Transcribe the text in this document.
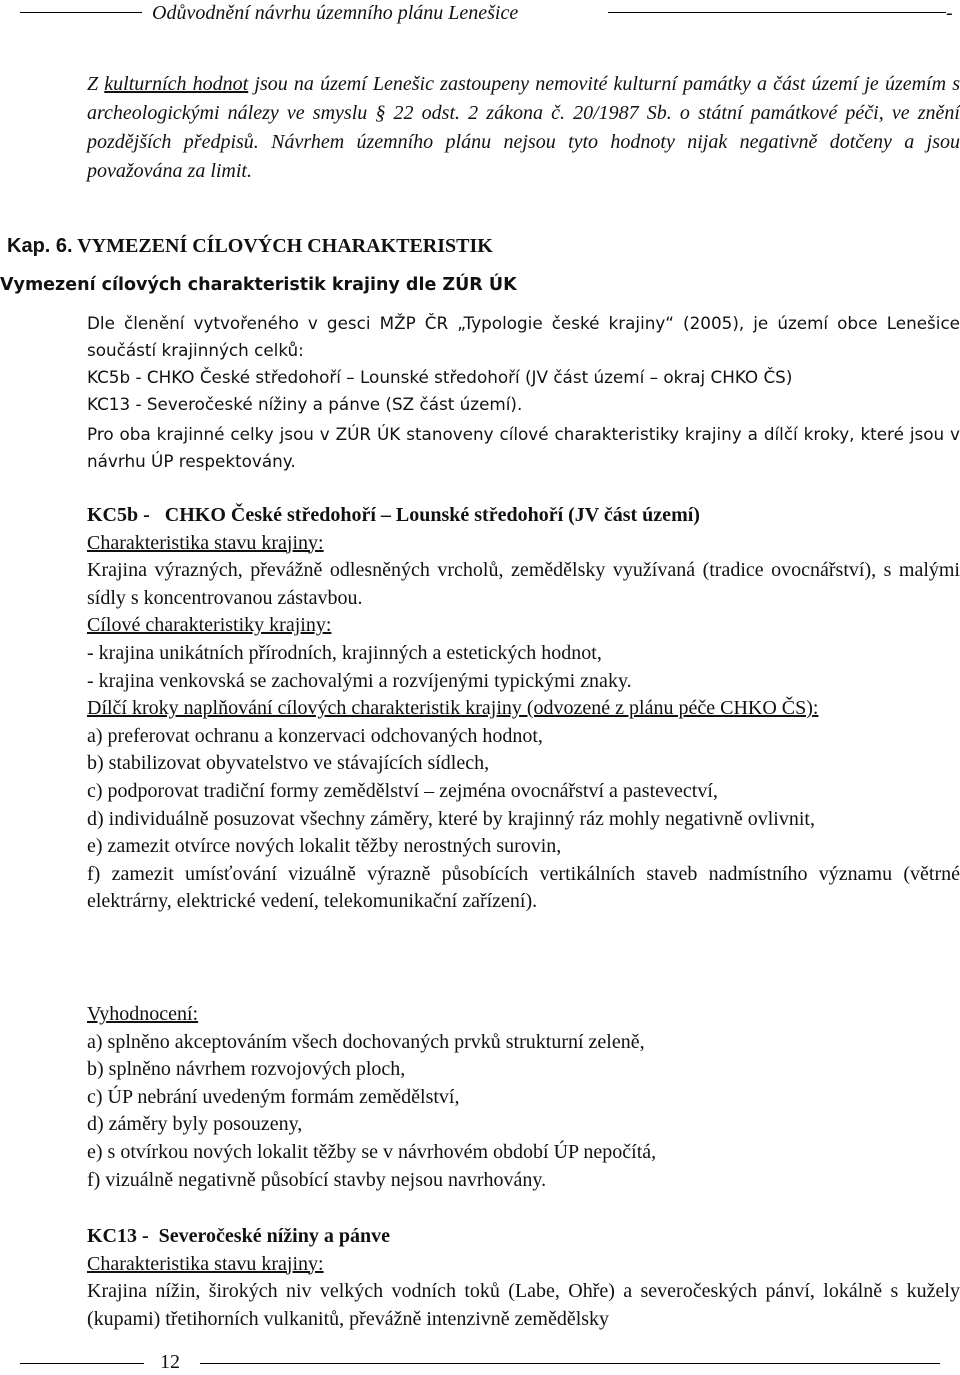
Odůvodnění návrhu územního plánu Lenešice	-

Z kulturních hodnot jsou na území Lenešic zastoupeny nemovité kulturní památky a část území je územím s archeologickými nálezy ve smyslu § 22 odst. 2 zákona č. 20/1987 Sb. o státní památkové péči, ve znění pozdějších předpisů. Návrhem územního plánu nejsou tyto hodnoty nijak negativně dotčeny a jsou považována za limit.

Kap. 6. VYMEZENÍ CÍLOVÝCH CHARAKTERISTIK
Vymezení cílových charakteristik krajiny dle ZÚR ÚK
Dle členění vytvořeného v gesci MŽP ČR „Typologie české krajiny“ (2005), je území obce Lenešice součástí krajinných celků:
KC5b - CHKO České středohoří – Lounské středohoří (JV část území – okraj CHKO ČS)
KC13 - Severočeské nížiny a pánve (SZ část území).
Pro oba krajinné celky jsou v ZÚR ÚK stanoveny cílové charakteristiky krajiny a dílčí kroky, které jsou v návrhu ÚP respektovány.
KC5b -   CHKO České středohoří – Lounské středohoří (JV část území)
Charakteristika stavu krajiny:
Krajina výrazných, převážně odlesněných vrcholů, zemědělsky využívaná (tradice ovocnářství), s malými sídly s koncentrovanou zástavbou.
Cílové charakteristiky krajiny:
- krajina unikátních přírodních, krajinných a estetických hodnot,
- krajina venkovská se zachovalými a rozvíjenými typickými znaky.
Dílčí kroky naplňování cílových charakteristik krajiny (odvozené z plánu péče CHKO ČS):
a) preferovat ochranu a konzervaci odchovaných hodnot,
b) stabilizovat obyvatelstvo ve stávajících sídlech,
c) podporovat tradiční formy zemědělství – zejména ovocnářství a pastevectví,
d) individuálně posuzovat všechny záměry, které by krajinný ráz mohly negativně ovlivnit,
e) zamezit otvírce nových lokalit těžby nerostných surovin,
f) zamezit umísťování vizuálně výrazně působících vertikálních staveb nadmístního významu (větrné elektrárny, elektrické vedení, telekomunikační zařízení).
Vyhodnocení:
a) splněno akceptováním všech dochovaných prvků strukturní zeleně,
b) splněno návrhem rozvojových ploch,
c) ÚP nebrání uvedeným formám zemědělství,
d) záměry byly posouzeny,
e) s otvírkou nových lokalit těžby se v návrhovém období ÚP nepočítá,
f) vizuálně negativně působící stavby nejsou navrhovány.
KC13 -  Severočeské nížiny a pánve
Charakteristika stavu krajiny:
Krajina nížin, širokých niv velkých vodních toků (Labe, Ohře) a severočeských pánví, lokálně s kužely (kupami) třetihorních vulkanitů, převážně intenzivně zemědělsky
12
